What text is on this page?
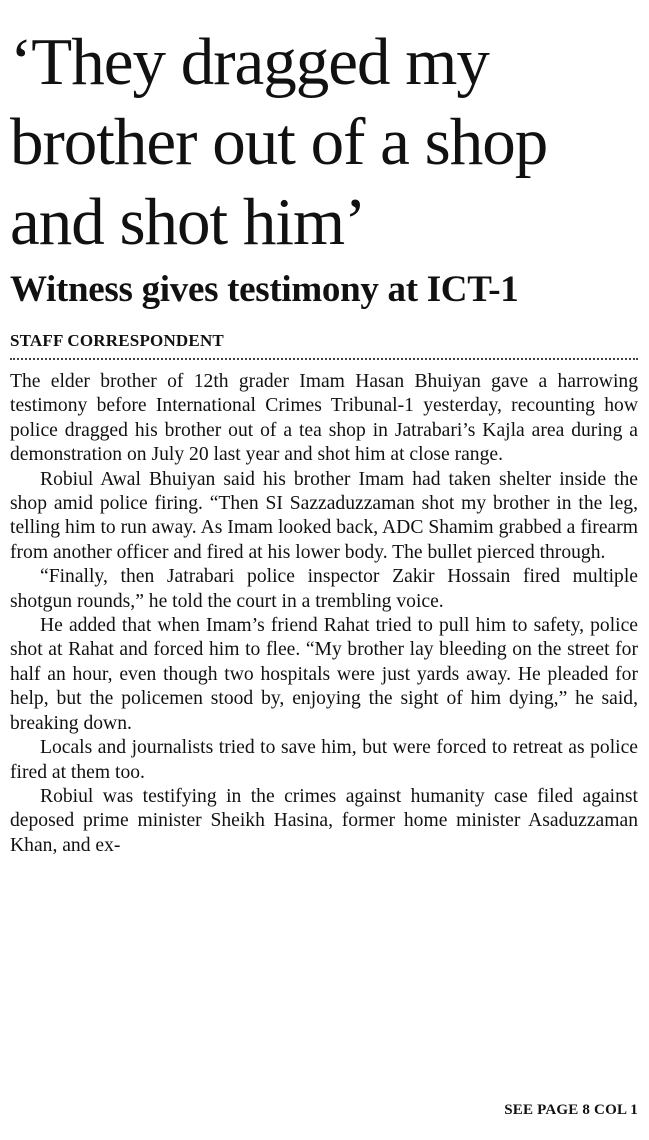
‘They dragged my brother out of a shop and shot him’
Witness gives testimony at ICT-1
STAFF CORRESPONDENT

The elder brother of 12th grader Imam Hasan Bhuiyan gave a harrowing testimony before International Crimes Tribunal-1 yesterday, recounting how police dragged his brother out of a tea shop in Jatrabari’s Kajla area during a demonstration on July 20 last year and shot him at close range.

Robiul Awal Bhuiyan said his brother Imam had taken shelter inside the shop amid police firing. “Then SI Sazzaduzzaman shot my brother in the leg, telling him to run away. As Imam looked back, ADC Shamim grabbed a firearm from another officer and fired at his lower body. The bullet pierced through.

“Finally, then Jatrabari police inspector Zakir Hossain fired multiple shotgun rounds,” he told the court in a trembling voice.

He added that when Imam’s friend Rahat tried to pull him to safety, police shot at Rahat and forced him to flee. “My brother lay bleeding on the street for half an hour, even though two hospitals were just yards away. He pleaded for help, but the policemen stood by, enjoying the sight of him dying,” he said, breaking down.

Locals and journalists tried to save him, but were forced to retreat as police fired at them too.

Robiul was testifying in the crimes against humanity case filed against deposed prime minister Sheikh Hasina, former home minister Asaduzzaman Khan, and ex-

SEE PAGE 8 COL 1
